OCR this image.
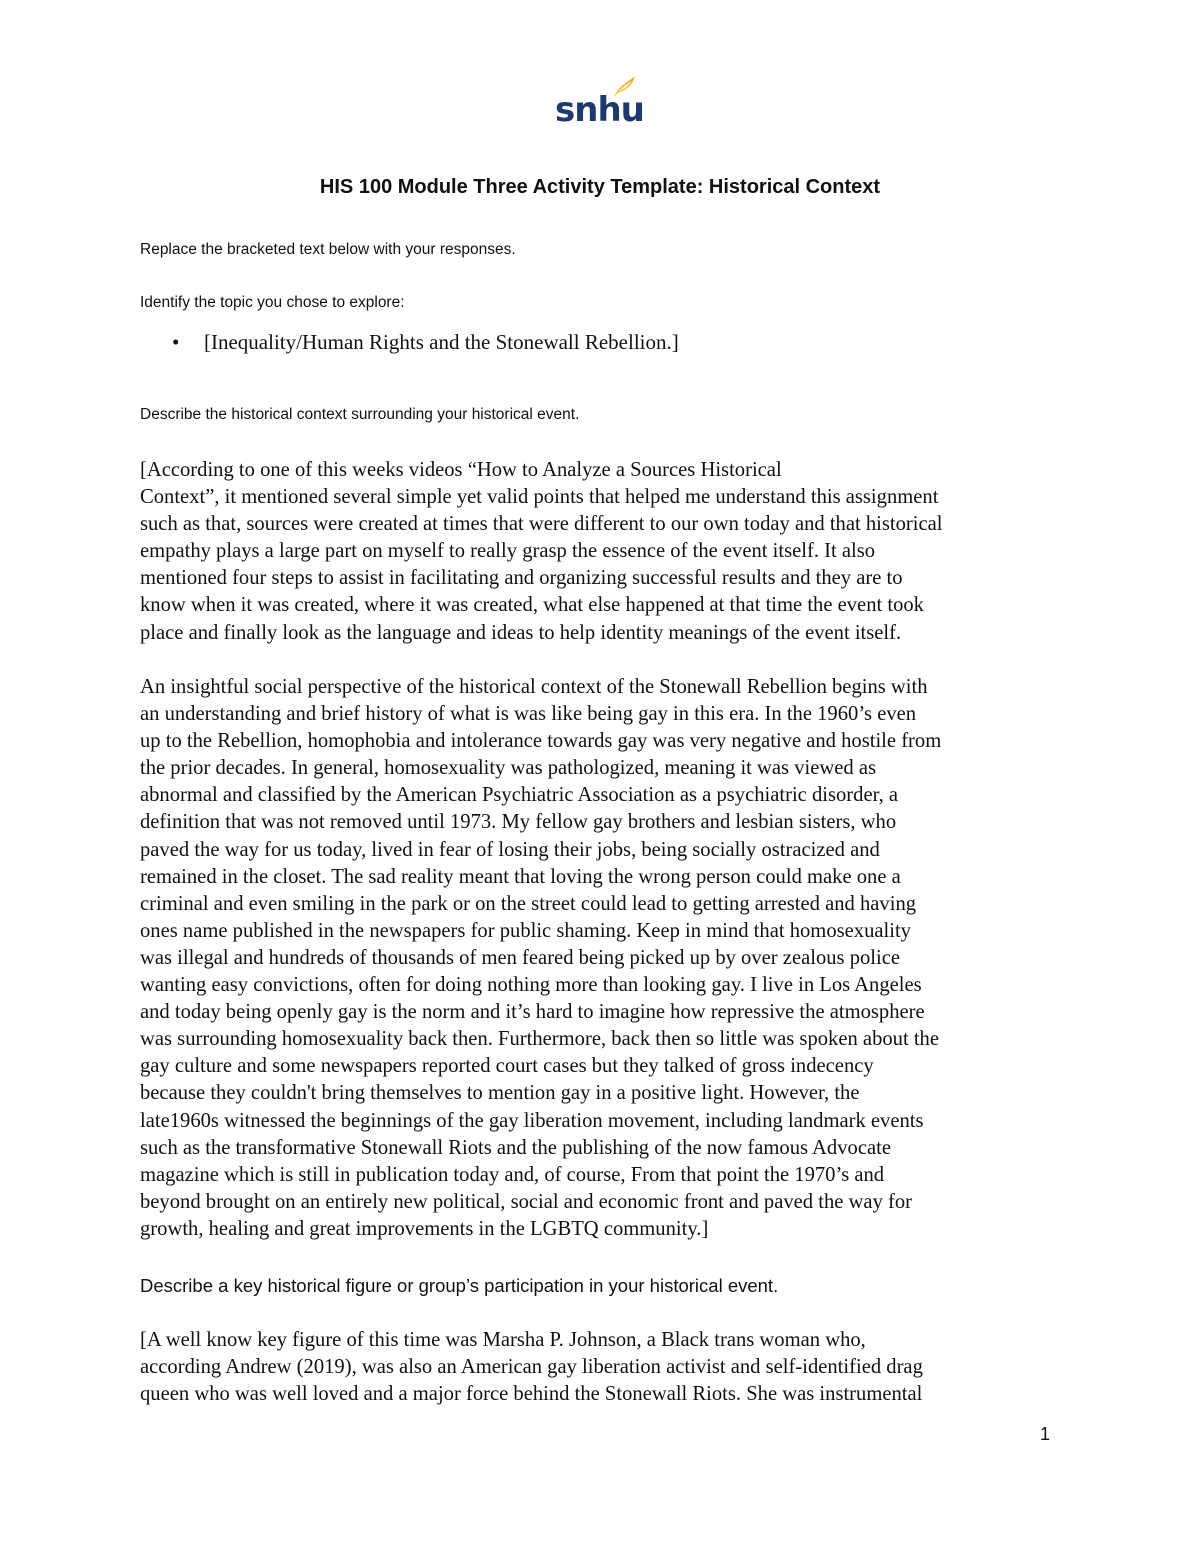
snhu
HIS 100 Module Three Activity Template: Historical Context
Replace the bracketed text below with your responses.
Identify the topic you chose to explore:
• [Inequality/Human Rights and the Stonewall Rebellion.]
Describe the historical context surrounding your historical event.
[According to one of this weeks videos “How to Analyze a Sources Historical
Context”, it mentioned several simple yet valid points that helped me understand this assignment
such as that, sources were created at times that were different to our own today and that historical
empathy plays a large part on myself to really grasp the essence of the event itself. It also
mentioned four steps to assist in facilitating and organizing successful results and they are to
know when it was created, where it was created, what else happened at that time the event took
place and finally look as the language and ideas to help identity meanings of the event itself.
An insightful social perspective of the historical context of the Stonewall Rebellion begins with
an understanding and brief history of what is was like being gay in this era. In the 1960’s even
up to the Rebellion, homophobia and intolerance towards gay was very negative and hostile from
the prior decades. In general, homosexuality was pathologized, meaning it was viewed as
abnormal and classified by the American Psychiatric Association as a psychiatric disorder, a
definition that was not removed until 1973. My fellow gay brothers and lesbian sisters, who
paved the way for us today, lived in fear of losing their jobs, being socially ostracized and
remained in the closet. The sad reality meant that loving the wrong person could make one a
criminal and even smiling in the park or on the street could lead to getting arrested and having
ones name published in the newspapers for public shaming. Keep in mind that homosexuality
was illegal and hundreds of thousands of men feared being picked up by over zealous police
wanting easy convictions, often for doing nothing more than looking gay. I live in Los Angeles
and today being openly gay is the norm and it’s hard to imagine how repressive the atmosphere
was surrounding homosexuality back then. Furthermore, back then so little was spoken about the
gay culture and some newspapers reported court cases but they talked of gross indecency
because they couldn't bring themselves to mention gay in a positive light. However, the
late1960s witnessed the beginnings of the gay liberation movement, including landmark events
such as the transformative Stonewall Riots and the publishing of the now famous Advocate
magazine which is still in publication today and, of course, From that point the 1970’s and
beyond brought on an entirely new political, social and economic front and paved the way for
growth, healing and great improvements in the LGBTQ community.]
Describe a key historical figure or group’s participation in your historical event.
[A well know key figure of this time was Marsha P. Johnson, a Black trans woman who,
according Andrew (2019), was also an American gay liberation activist and self-identified drag
queen who was well loved and a major force behind the Stonewall Riots. She was instrumental
1
